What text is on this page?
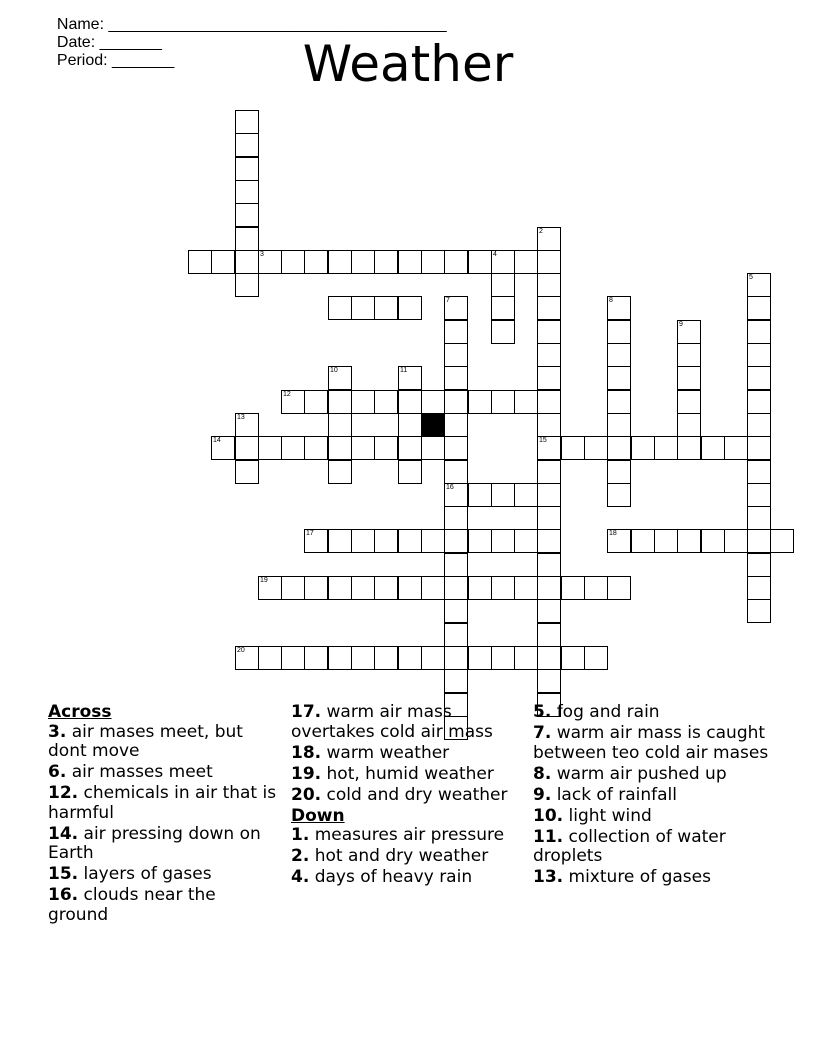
Name: ______________________________________
Date: _______
Period: _______	Weather
3	4
2
15
7
16
5
8
9
10	11
12
13
14
17	18
19
20
Across
3. air mases meet, but dont move
6. air masses meet
12. chemicals in air that is harmful
14. air pressing down on Earth
15. layers of gases
16. clouds near the ground
17. warm air mass overtakes cold air mass
18. warm weather
19. hot, humid weather
20. cold and dry weather
Down
1. measures air pressure
2. hot and dry weather
4. days of heavy rain
5. fog and rain
7. warm air mass is caught between teo cold air mases
8. warm air pushed up
9. lack of rainfall
10. light wind
11. collection of water droplets
13. mixture of gases
